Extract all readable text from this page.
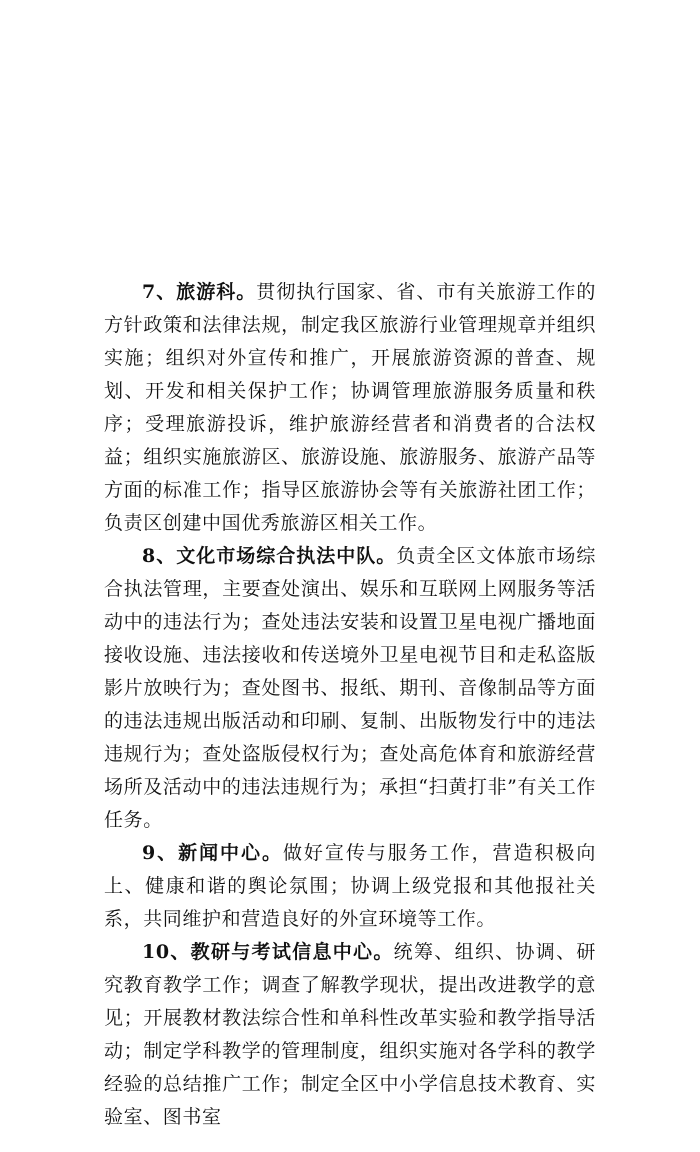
7、旅游科。贯彻执行国家、省、市有关旅游工作的方针政策和法律法规，制定我区旅游行业管理规章并组织实施；组织对外宣传和推广，开展旅游资源的普查、规划、开发和相关保护工作；协调管理旅游服务质量和秩序；受理旅游投诉，维护旅游经营者和消费者的合法权益；组织实施旅游区、旅游设施、旅游服务、旅游产品等方面的标准工作；指导区旅游协会等有关旅游社团工作；负责区创建中国优秀旅游区相关工作。

8、文化市场综合执法中队。负责全区文体旅市场综合执法管理，主要查处演出、娱乐和互联网上网服务等活动中的违法行为；查处违法安装和设置卫星电视广播地面接收设施、违法接收和传送境外卫星电视节目和走私盗版影片放映行为；查处图书、报纸、期刊、音像制品等方面的违法违规出版活动和印刷、复制、出版物发行中的违法违规行为；查处盗版侵权行为；查处高危体育和旅游经营场所及活动中的违法违规行为；承担“扫黄打非”有关工作任务。

9、新闻中心。做好宣传与服务工作，营造积极向上、健康和谐的舆论氛围；协调上级党报和其他报社关系，共同维护和营造良好的外宣环境等工作。

10、教研与考试信息中心。统筹、组织、协调、研究教育教学工作；调查了解教学现状，提出改进教学的意见；开展教材教法综合性和单科性改革实验和教学指导活动；制定学科教学的管理制度，组织实施对各学科的教学经验的总结推广工作；制定全区中小学信息技术教育、实验室、图书室
